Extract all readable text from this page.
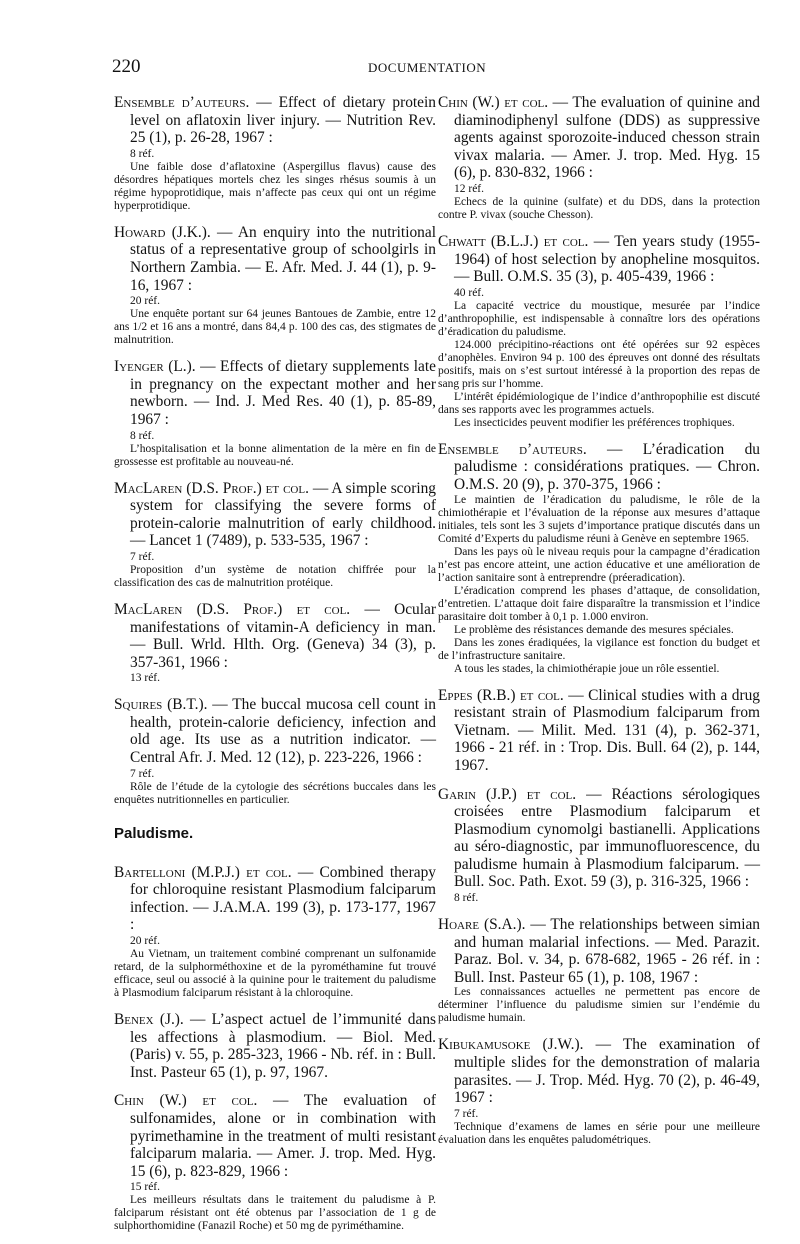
220	DOCUMENTATION

Ensemble d’auteurs. — Effect of dietary protein level on aflatoxin liver injury. — Nutrition Rev. 25 (1), p. 26-28, 1967 :

8 réf.

Une faible dose d’aflatoxine (Aspergillus flavus) cause des désordres hépatiques mortels chez les singes rhésus soumis à un régime hypoprotidique, mais n’affecte pas ceux qui ont un régime hyperprotidique.

Howard (J.K.). — An enquiry into the nutritional status of a representative group of schoolgirls in Northern Zambia. — E. Afr. Med. J. 44 (1), p. 9-16, 1967 :

20 réf.

Une enquête portant sur 64 jeunes Bantoues de Zambie, entre 12 ans 1/2 et 16 ans a montré, dans 84,4 p. 100 des cas, des stigmates de malnutrition.

Iyenger (L.). — Effects of dietary supplements late in pregnancy on the expectant mother and her newborn. — Ind. J. Med Res. 40 (1), p. 85-89, 1967 :

8 réf.

L’hospitalisation et la bonne alimentation de la mère en fin de grossesse est profitable au nouveau-né.

MacLaren (D.S. Prof.) et col. — A simple scoring system for classifying the severe forms of protein-calorie malnutrition of early childhood. — Lancet 1 (7489), p. 533-535, 1967 :

7 réf.

Proposition d’un système de notation chiffrée pour la classification des cas de malnutrition protéique.

MacLaren (D.S. Prof.) et col. — Ocular manifestations of vitamin-A deficiency in man. — Bull. Wrld. Hlth. Org. (Geneva) 34 (3), p. 357-361, 1966 :

13 réf.

Squires (B.T.). — The buccal mucosa cell count in health, protein-calorie deficiency, infection and old age. Its use as a nutrition indicator. — Central Afr. J. Med. 12 (12), p. 223-226, 1966 :

7 réf.

Rôle de l’étude de la cytologie des sécrétions buccales dans les enquêtes nutritionnelles en particulier.

Paludisme.

Bartelloni (M.P.J.) et col. — Combined therapy for chloroquine resistant Plasmodium falciparum infection. — J.A.M.A. 199 (3), p. 173-177, 1967 :

20 réf.

Au Vietnam, un traitement combiné comprenant un sulfonamide retard, de la sulphorméthoxine et de la pyrométhamine fut trouvé efficace, seul ou associé à la quinine pour le traitement du paludisme à Plasmodium falciparum résistant à la chloroquine.

Benex (J.). — L’aspect actuel de l’immunité dans les affections à plasmodium. — Biol. Med. (Paris) v. 55, p. 285-323, 1966 - Nb. réf. in : Bull. Inst. Pasteur 65 (1), p. 97, 1967.

Chin (W.) et col. — The evaluation of sulfonamides, alone or in combination with pyrimethamine in the treatment of multi resistant falciparum malaria. — Amer. J. trop. Med. Hyg. 15 (6), p. 823-829, 1966 :

15 réf.

Les meilleurs résultats dans le traitement du paludisme à P. falciparum résistant ont été obtenus par l’association de 1 g de sulphorthomidine (Fanazil Roche) et 50 mg de pyriméthamine.

Chin (W.) et col. — The evaluation of quinine and diaminodiphenyl sulfone (DDS) as suppressive agents against sporozoite-induced chesson strain vivax malaria. — Amer. J. trop. Med. Hyg. 15 (6), p. 830-832, 1966 :

12 réf.

Echecs de la quinine (sulfate) et du DDS, dans la protection contre P. vivax (souche Chesson).

Chwatt (B.L.J.) et col. — Ten years study (1955-1964) of host selection by anopheline mosquitos. — Bull. O.M.S. 35 (3), p. 405-439, 1966 :

40 réf.

La capacité vectrice du moustique, mesurée par l’indice d’anthropophilie, est indispensable à connaître lors des opérations d’éradication du paludisme.

124.000 précipitino-réactions ont été opérées sur 92 espèces d’anophèles. Environ 94 p. 100 des épreuves ont donné des résultats positifs, mais on s’est surtout intéressé à la proportion des repas de sang pris sur l’homme.

L’intérêt épidémiologique de l’indice d’anthropophilie est discuté dans ses rapports avec les programmes actuels.

Les insecticides peuvent modifier les préférences trophiques.

Ensemble d’auteurs. — L’éradication du paludisme : considérations pratiques. — Chron. O.M.S. 20 (9), p. 370-375, 1966 :

Le maintien de l’éradication du paludisme, le rôle de la chimiothérapie et l’évaluation de la réponse aux mesures d’attaque initiales, tels sont les 3 sujets d’importance pratique discutés dans un Comité d’Experts du paludisme réuni à Genève en septembre 1965.

Dans les pays où le niveau requis pour la campagne d’éradication n’est pas encore atteint, une action éducative et une amélioration de l’action sanitaire sont à entreprendre (préeradication).

L’éradication comprend les phases d’attaque, de consolidation, d’entretien. L’attaque doit faire disparaître la transmission et l’indice parasitaire doit tomber à 0,1 p. 1.000 environ.

Le problème des résistances demande des mesures spéciales.

Dans les zones éradiquées, la vigilance est fonction du budget et de l’infrastructure sanitaire.

A tous les stades, la chimiothérapie joue un rôle essentiel.

Eppes (R.B.) et col. — Clinical studies with a drug resistant strain of Plasmodium falciparum from Vietnam. — Milit. Med. 131 (4), p. 362-371, 1966 - 21 réf. in : Trop. Dis. Bull. 64 (2), p. 144, 1967.

Garin (J.P.) et col. — Réactions sérologiques croisées entre Plasmodium falciparum et Plasmodium cynomolgi bastianelli. Applications au séro-diagnostic, par immunofluorescence, du paludisme humain à Plasmodium falciparum. — Bull. Soc. Path. Exot. 59 (3), p. 316-325, 1966 :

8 réf.

Hoare (S.A.). — The relationships between simian and human malarial infections. — Med. Parazit. Paraz. Bol. v. 34, p. 678-682, 1965 - 26 réf. in : Bull. Inst. Pasteur 65 (1), p. 108, 1967 :

Les connaissances actuelles ne permettent pas encore de déterminer l’influence du paludisme simien sur l’endémie du paludisme humain.

Kibukamusoke (J.W.). — The examination of multiple slides for the demonstration of malaria parasites. — J. Trop. Méd. Hyg. 70 (2), p. 46-49, 1967 :

7 réf.

Technique d’examens de lames en série pour une meilleure évaluation dans les enquêtes paludométriques.
